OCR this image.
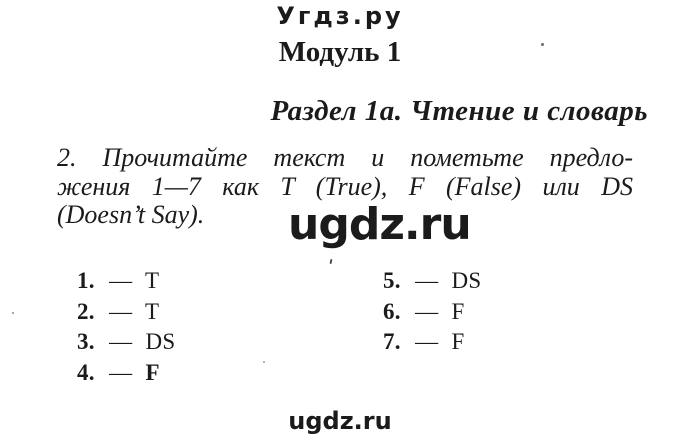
Угдз.ру
Модуль 1
Раздел 1а. Чтение и словарь
2. Прочитайте текст и пометьте предло-
жения 1—7 как T (True), F (False) или DS
(Doesn’t Say).	ugdz.ru
1. — T
2. — T
3. — DS
4. — F
5. — DS
6. — F
7. — F
ugdz.ru
